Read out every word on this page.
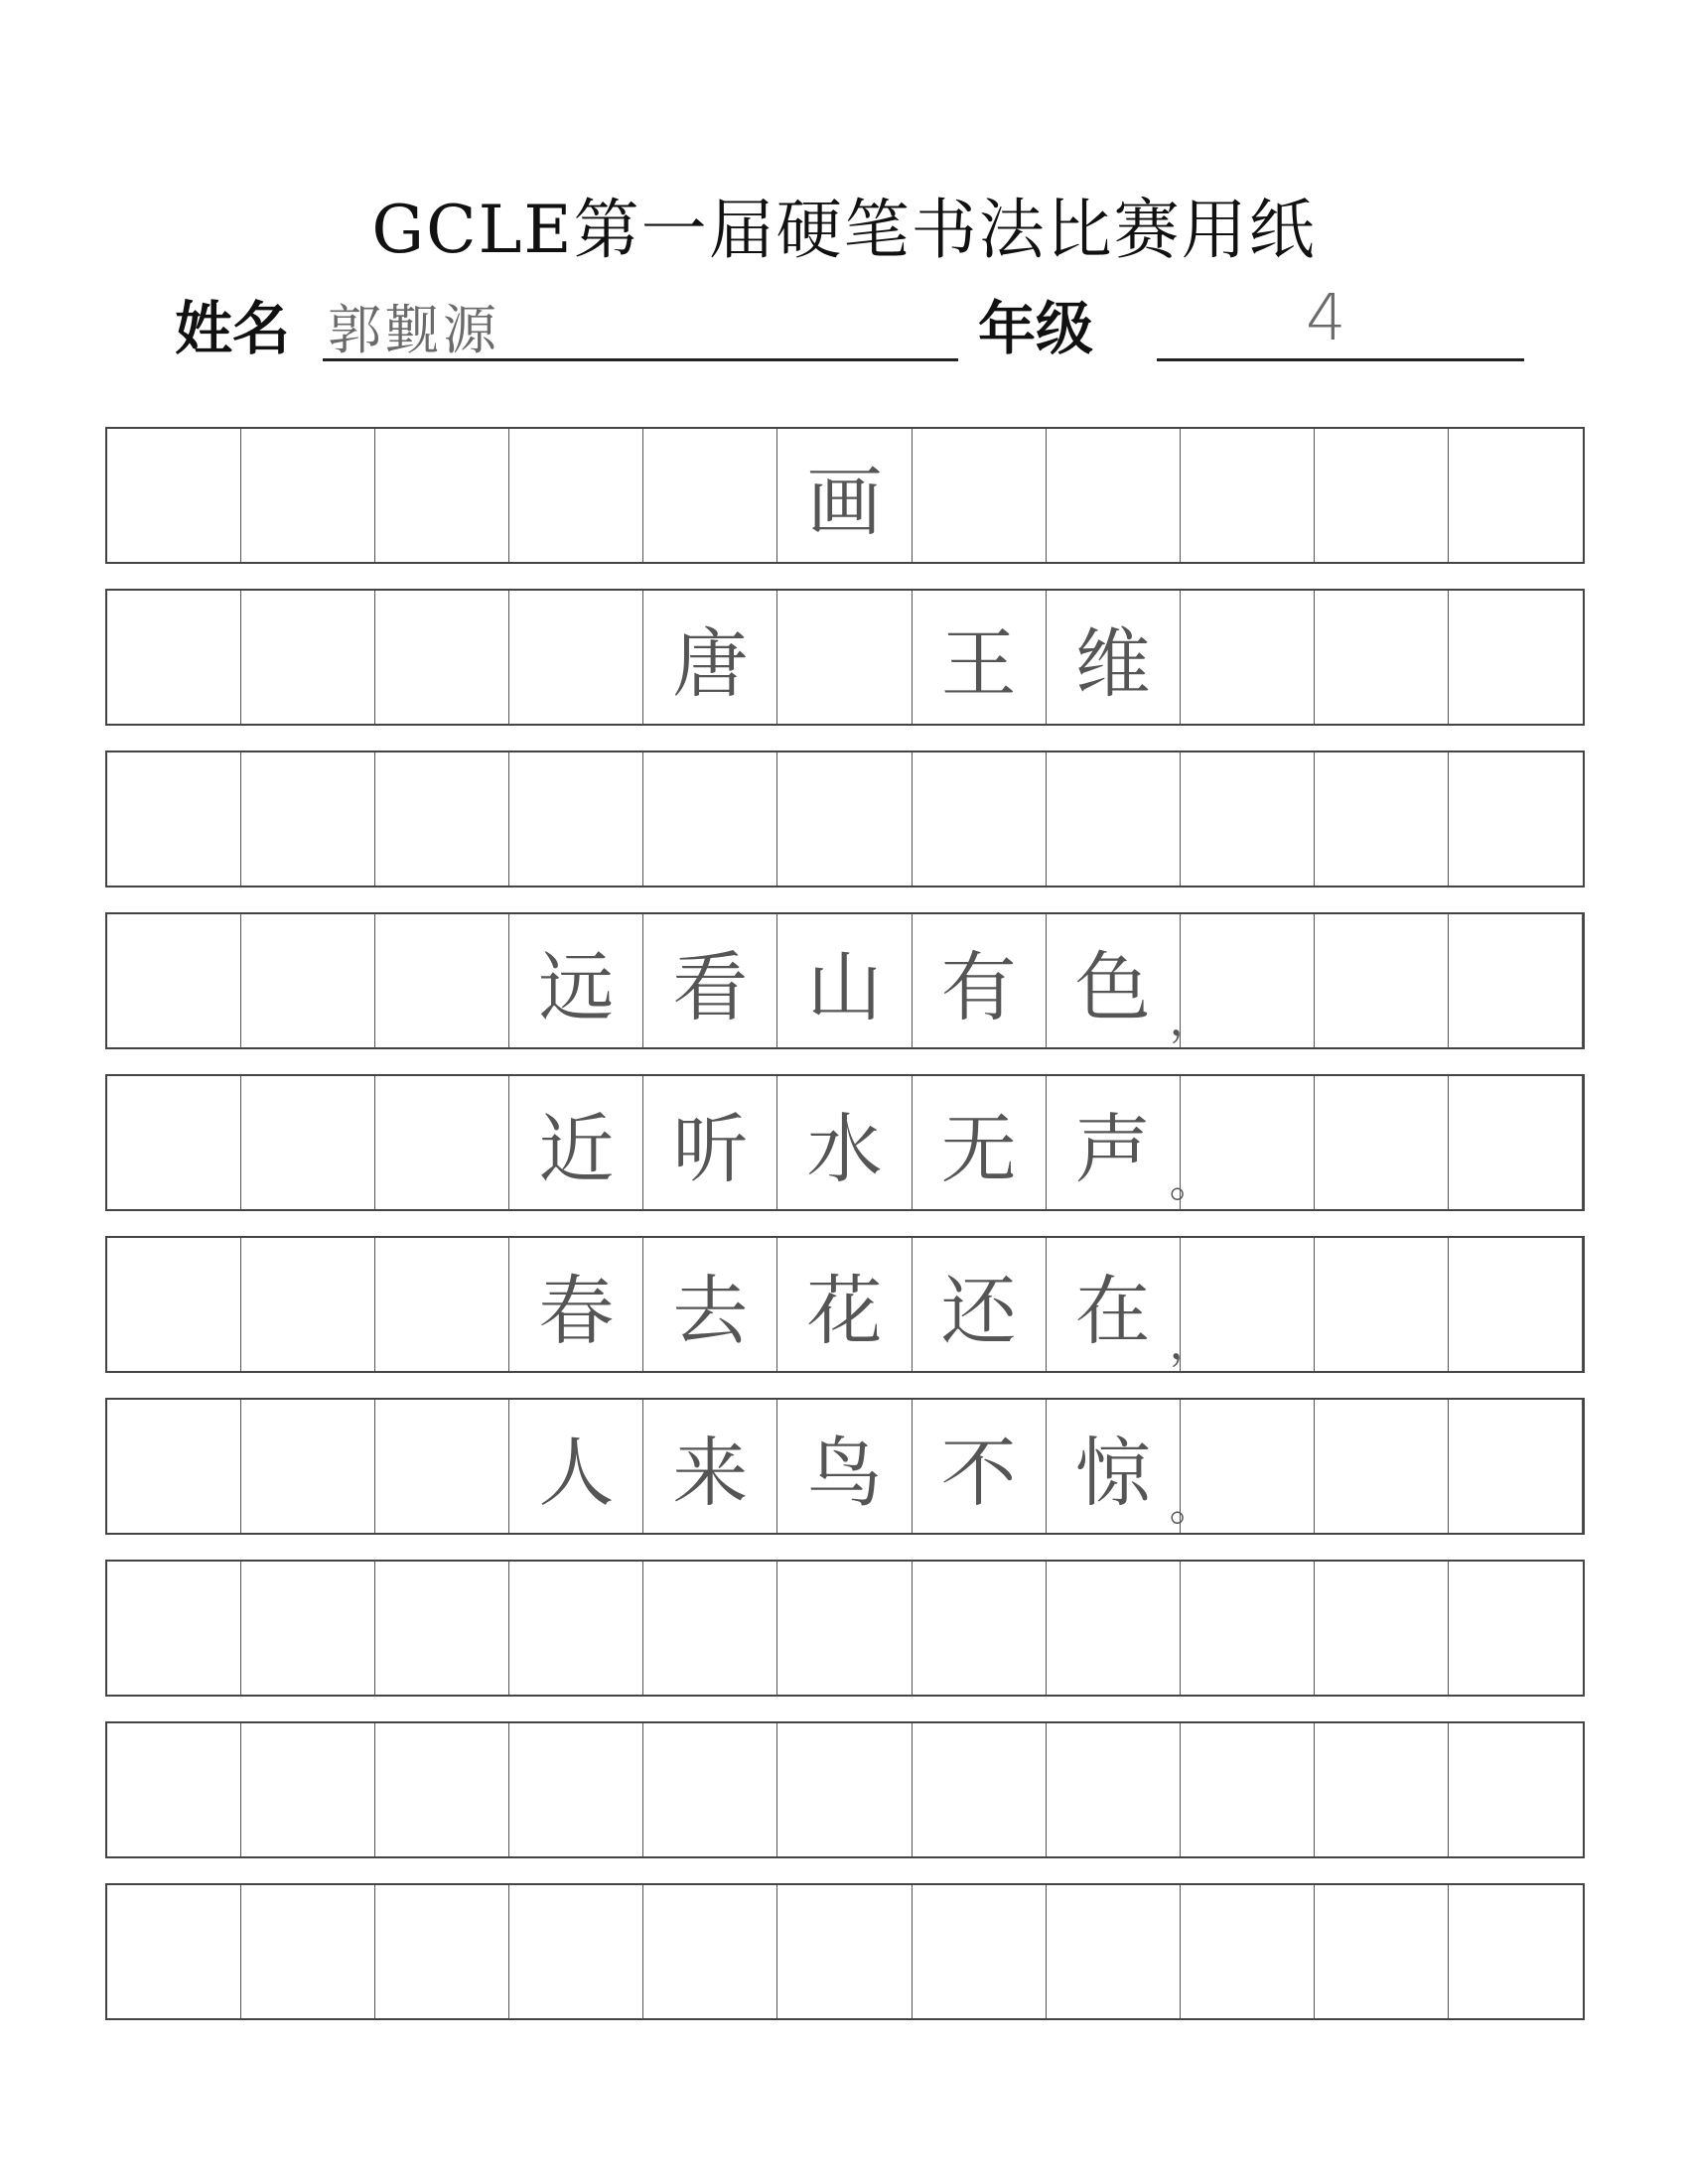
GCLE第一届硬笔书法比赛用纸
姓名 郭觐源	年级	4
画
唐	王 维
远 看 山 有 色 ，
近 听 水 无 声 。
春 去 花 还 在 ，
人 来 鸟 不 惊 。
